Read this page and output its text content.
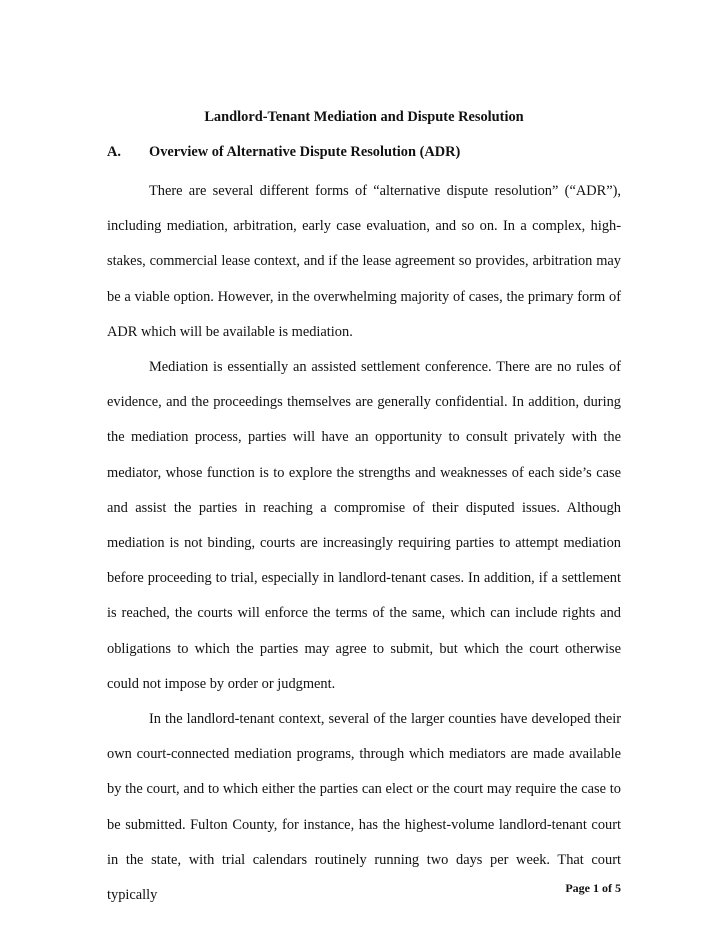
Landlord-Tenant Mediation and Dispute Resolution
A. Overview of Alternative Dispute Resolution (ADR)

There are several different forms of “alternative dispute resolution” (“ADR”), including mediation, arbitration, early case evaluation, and so on. In a complex, high-stakes, commercial lease context, and if the lease agreement so provides, arbitration may be a viable option. However, in the overwhelming majority of cases, the primary form of ADR which will be available is mediation.

Mediation is essentially an assisted settlement conference. There are no rules of evidence, and the proceedings themselves are generally confidential. In addition, during the mediation process, parties will have an opportunity to consult privately with the mediator, whose function is to explore the strengths and weaknesses of each side’s case and assist the parties in reaching a compromise of their disputed issues. Although mediation is not binding, courts are increasingly requiring parties to attempt mediation before proceeding to trial, especially in landlord-tenant cases. In addition, if a settlement is reached, the courts will enforce the terms of the same, which can include rights and obligations to which the parties may agree to submit, but which the court otherwise could not impose by order or judgment.

In the landlord-tenant context, several of the larger counties have developed their own court-connected mediation programs, through which mediators are made available by the court, and to which either the parties can elect or the court may require the case to be submitted. Fulton County, for instance, has the highest-volume landlord-tenant court in the state, with trial calendars routinely running two days per week. That court typically	Page 1 of 5
